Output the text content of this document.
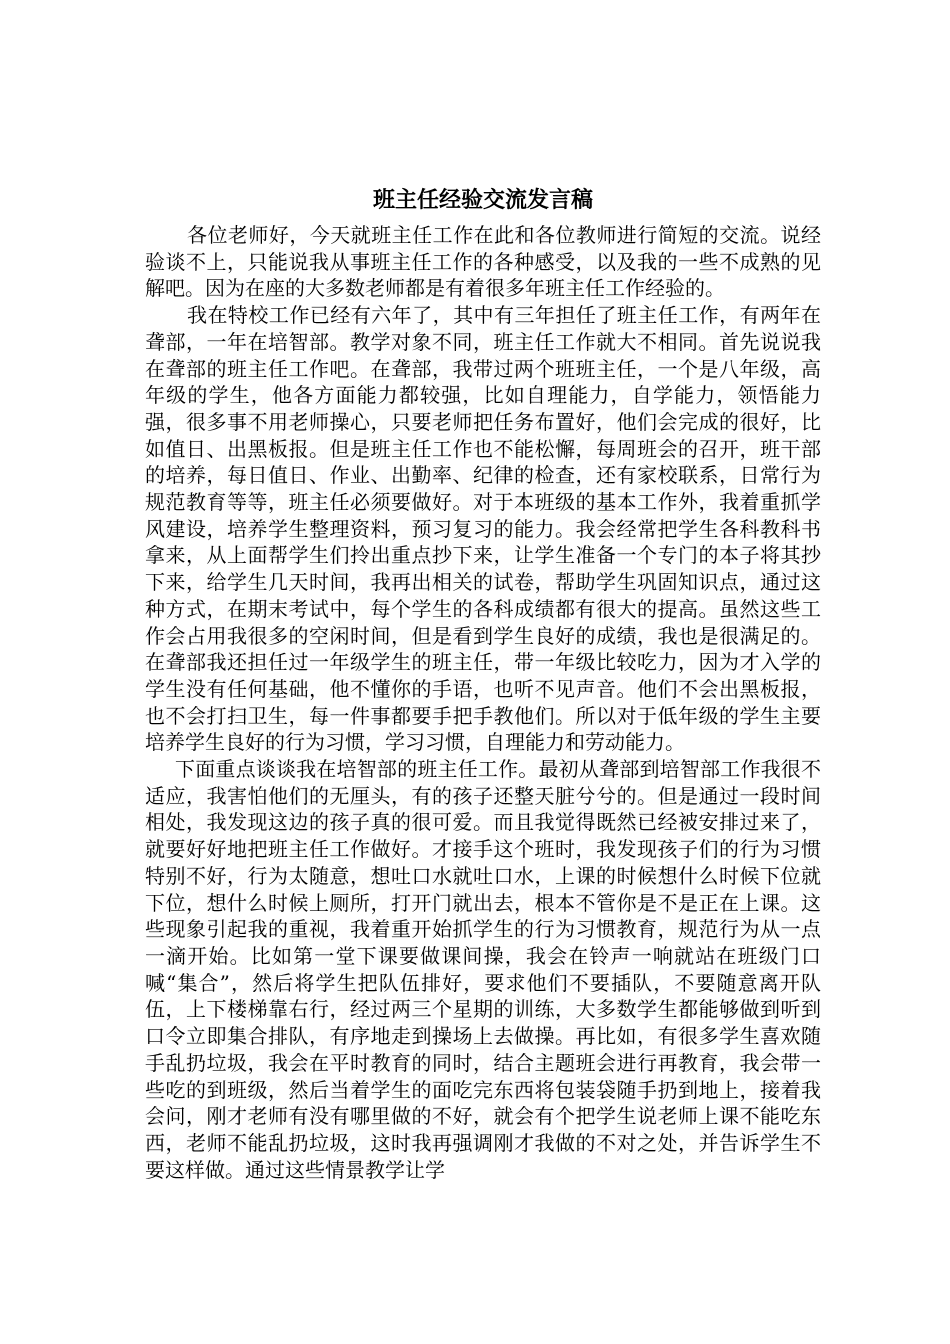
班主任经验交流发言稿

各位老师好，今天就班主任工作在此和各位教师进行简短的交流。说经验谈不上，只能说我从事班主任工作的各种感受，以及我的一些不成熟的见解吧。因为在座的大多数老师都是有着很多年班主任工作经验的。

我在特校工作已经有六年了，其中有三年担任了班主任工作，有两年在聋部，一年在培智部。教学对象不同，班主任工作就大不相同。首先说说我在聋部的班主任工作吧。在聋部，我带过两个班班主任，一个是八年级，高年级的学生，他各方面能力都较强，比如自理能力，自学能力，领悟能力强，很多事不用老师操心，只要老师把任务布置好，他们会完成的很好，比如值日、出黑板报。但是班主任工作也不能松懈，每周班会的召开，班干部的培养，每日值日、作业、出勤率、纪律的检查，还有家校联系，日常行为规范教育等等，班主任必须要做好。对于本班级的基本工作外，我着重抓学风建设，培养学生整理资料，预习复习的能力。我会经常把学生各科教科书拿来，从上面帮学生们拎出重点抄下来，让学生准备一个专门的本子将其抄下来，给学生几天时间，我再出相关的试卷，帮助学生巩固知识点，通过这种方式，在期末考试中，每个学生的各科成绩都有很大的提高。虽然这些工作会占用我很多的空闲时间，但是看到学生良好的成绩，我也是很满足的。在聋部我还担任过一年级学生的班主任，带一年级比较吃力，因为才入学的学生没有任何基础，他不懂你的手语，也听不见声音。他们不会出黑板报，也不会打扫卫生，每一件事都要手把手教他们。所以对于低年级的学生主要培养学生良好的行为习惯，学习习惯，自理能力和劳动能力。

下面重点谈谈我在培智部的班主任工作。最初从聋部到培智部工作我很不适应，我害怕他们的无厘头，有的孩子还整天脏兮兮的。但是通过一段时间相处，我发现这边的孩子真的很可爱。而且我觉得既然已经被安排过来了，就要好好地把班主任工作做好。才接手这个班时，我发现孩子们的行为习惯特别不好，行为太随意，想吐口水就吐口水，上课的时候想什么时候下位就下位，想什么时候上厕所，打开门就出去，根本不管你是不是正在上课。这些现象引起我的重视，我着重开始抓学生的行为习惯教育，规范行为从一点一滴开始。比如第一堂下课要做课间操，我会在铃声一响就站在班级门口喊“集合”，然后将学生把队伍排好，要求他们不要插队，不要随意离开队伍，上下楼梯靠右行，经过两三个星期的训练，大多数学生都能够做到听到口令立即集合排队，有序地走到操场上去做操。再比如，有很多学生喜欢随手乱扔垃圾，我会在平时教育的同时，结合主题班会进行再教育，我会带一些吃的到班级，然后当着学生的面吃完东西将包装袋随手扔到地上，接着我会问，刚才老师有没有哪里做的不好，就会有个把学生说老师上课不能吃东西，老师不能乱扔垃圾，这时我再强调刚才我做的不对之处，并告诉学生不要这样做。通过这些情景教学让学
